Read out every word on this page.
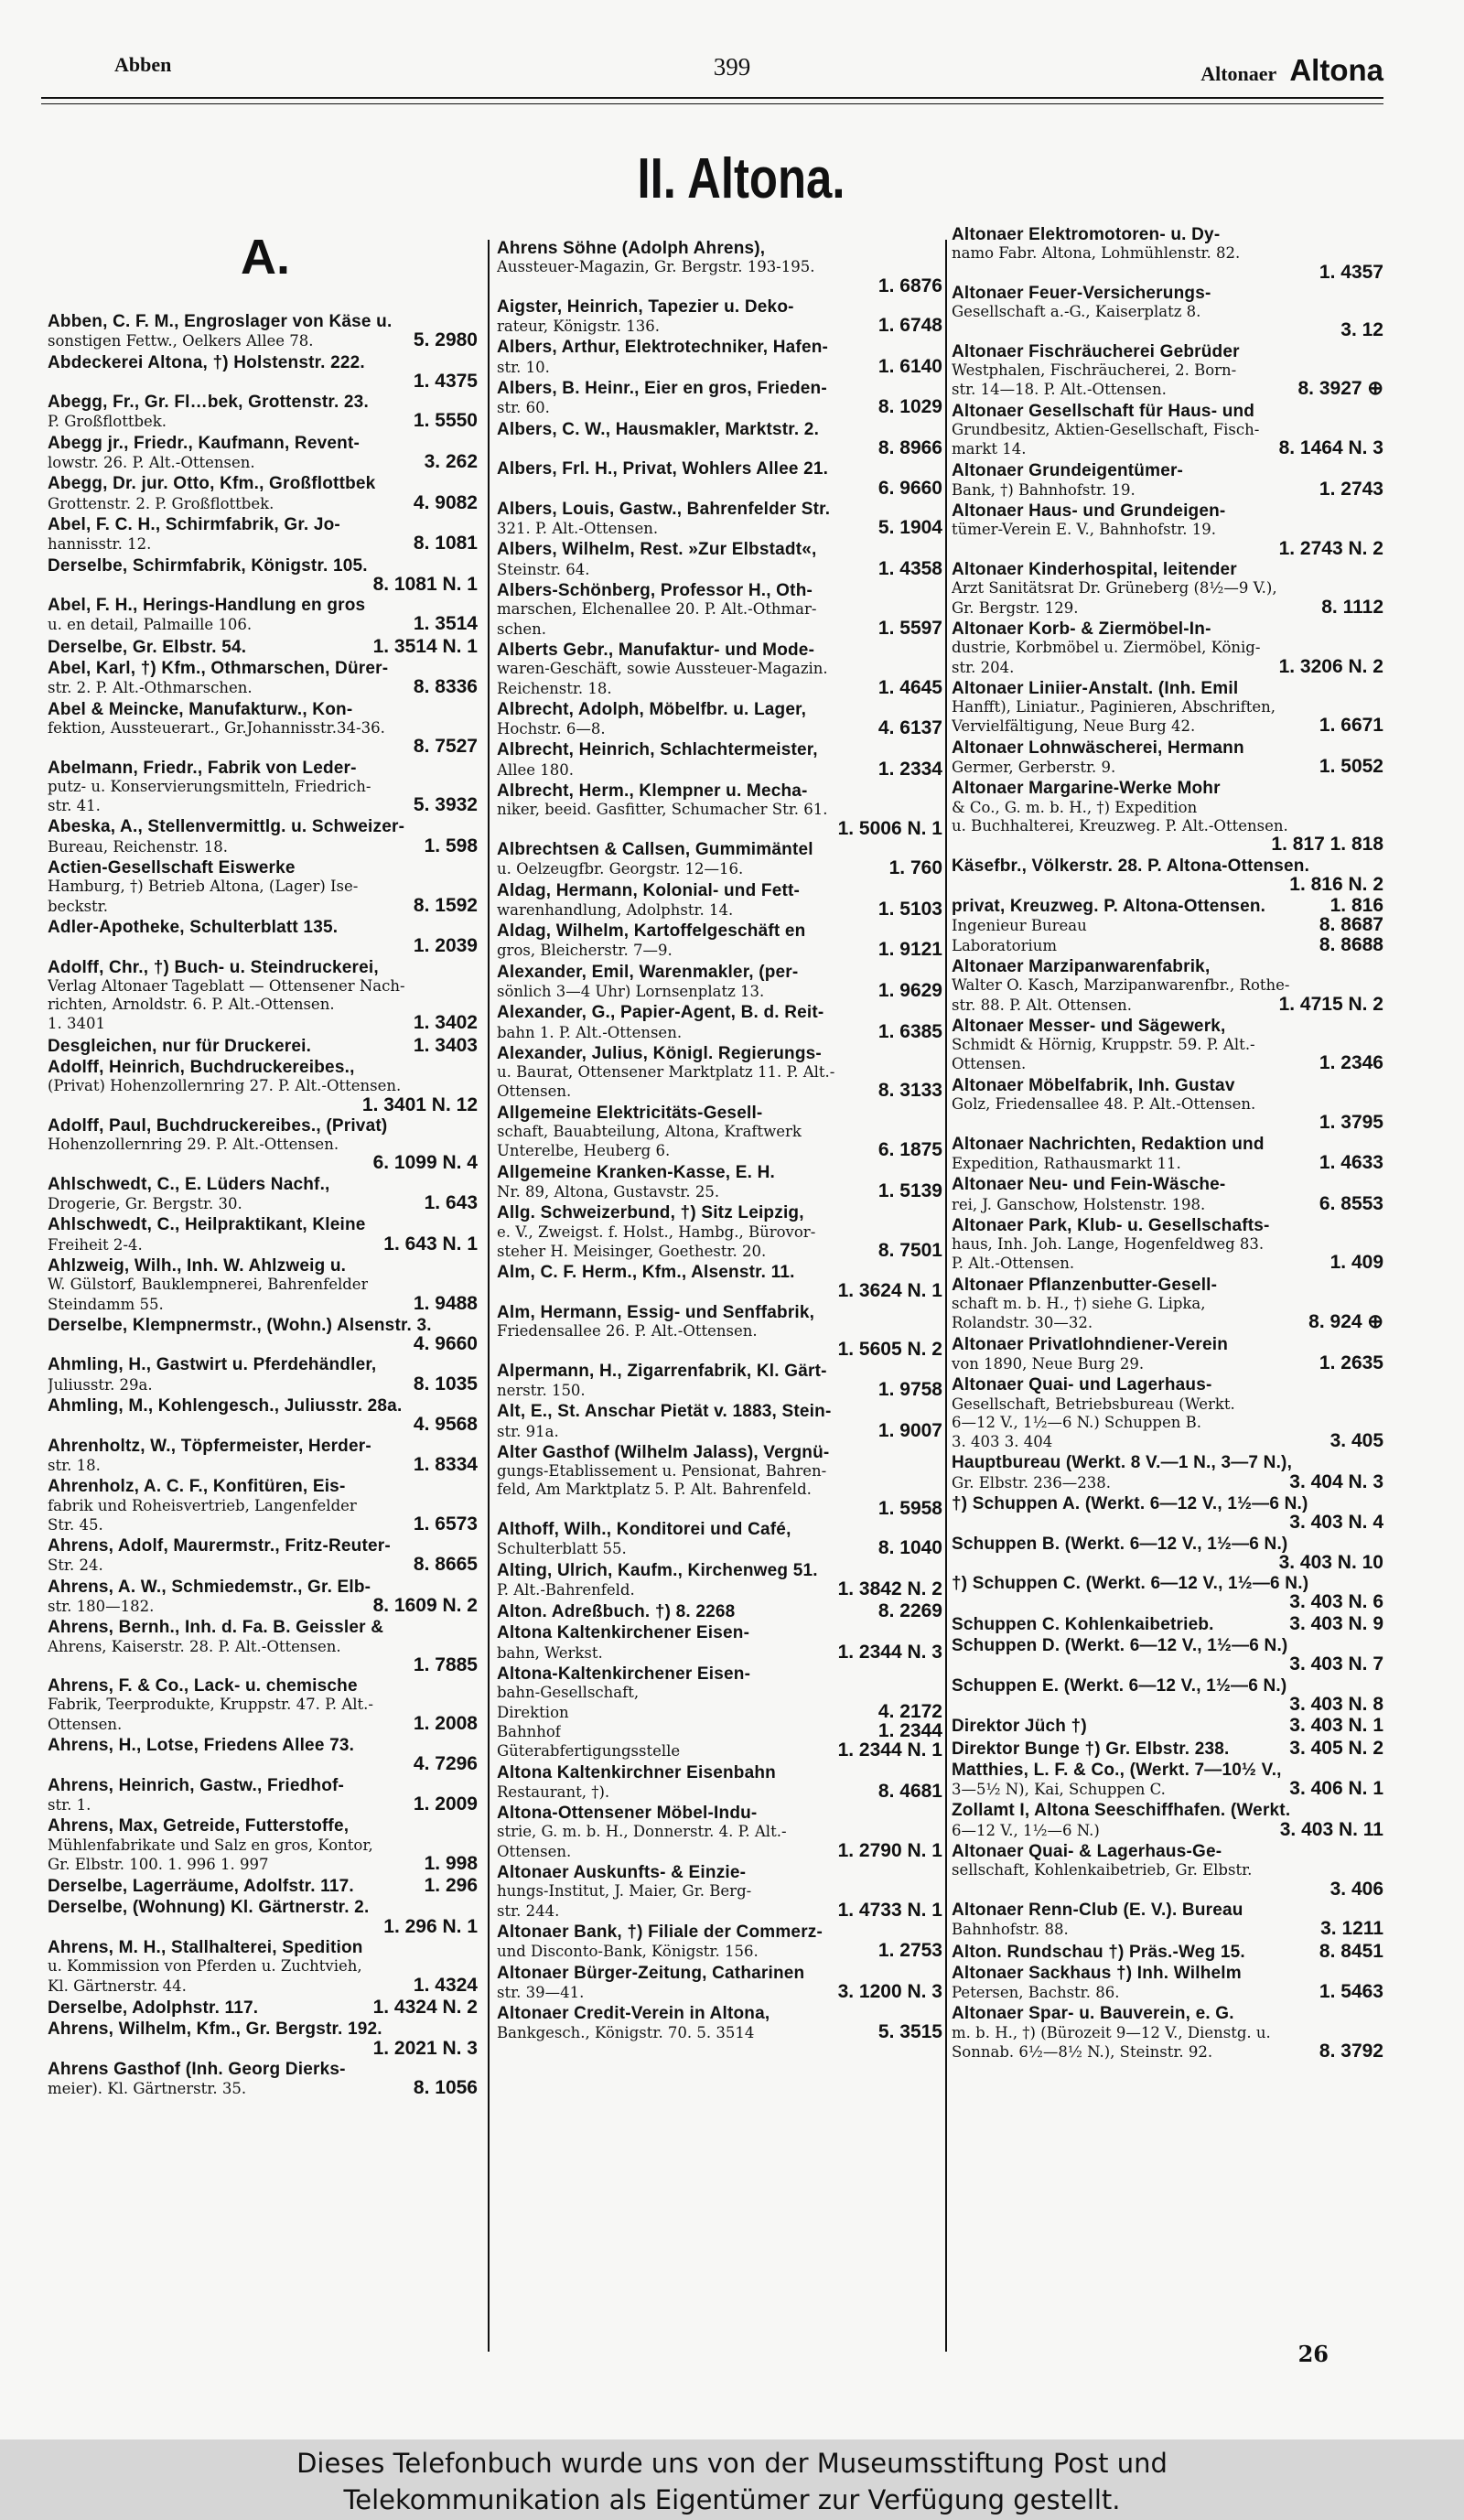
Abben	399	Altonaer Altona
II. Altona.
A.
Abben, C. F. M., Engroslager von Käse u.
sonstigen Fettw., Oelkers Allee 78.	5. 2980
Abdeckerei Altona, †) Holstenstr. 222.
1. 4375
Abegg, Fr., Gr. Fl…bek, Grottenstr. 23.
P. Großflottbek.	1. 5550
Abegg jr., Friedr., Kaufmann, Revent-
lowstr. 26. P. Alt.-Ottensen.	3. 262
Abegg, Dr. jur. Otto, Kfm., Großflottbek
Grottenstr. 2. P. Großflottbek.	4. 9082
Abel, F. C. H., Schirmfabrik, Gr. Jo-
hannisstr. 12.	8. 1081
Derselbe, Schirmfabrik, Königstr. 105.
8. 1081 N. 1
Abel, F. H., Herings-Handlung en gros
u. en detail, Palmaille 106.	1. 3514
Derselbe, Gr. Elbstr. 54.	1. 3514 N. 1
Abel, Karl, †) Kfm., Othmarschen, Dürer-
str. 2. P. Alt.-Othmarschen.	8. 8336
Abel & Meincke, Manufakturw., Kon-
fektion, Aussteuerart., Gr.Johannisstr.34-36.
8. 7527
Abelmann, Friedr., Fabrik von Leder-
putz- u. Konservierungsmitteln, Friedrich-
str. 41.	5. 3932
Abeska, A., Stellenvermittlg. u. Schweizer-
Bureau, Reichenstr. 18.	1. 598
Actien-Gesellschaft Eiswerke
Hamburg, †) Betrieb Altona, (Lager) Ise-
beckstr.	8. 1592
Adler-Apotheke, Schulterblatt 135.
1. 2039
Adolff, Chr., †) Buch- u. Steindruckerei,
Verlag Altonaer Tageblatt — Ottensener Nach-
richten, Arnoldstr. 6. P. Alt.-Ottensen.
1. 3401	1. 3402
Desgleichen, nur für Druckerei.	1. 3403
Adolff, Heinrich, Buchdruckereibes.,
(Privat) Hohenzollernring 27. P. Alt.-Ottensen.
1. 3401 N. 12
Adolff, Paul, Buchdruckereibes., (Privat)
Hohenzollernring 29. P. Alt.-Ottensen.
6. 1099 N. 4
Ahlschwedt, C., E. Lüders Nachf.,
Drogerie, Gr. Bergstr. 30.	1. 643
Ahlschwedt, C., Heilpraktikant, Kleine
Freiheit 2-4.	1. 643 N. 1
Ahlzweig, Wilh., Inh. W. Ahlzweig u.
W. Gülstorf, Bauklempnerei, Bahrenfelder
Steindamm 55.	1. 9488
Derselbe, Klempnermstr., (Wohn.) Alsenstr. 3.
4. 9660
Ahmling, H., Gastwirt u. Pferdehändler,
Juliusstr. 29a.	8. 1035
Ahmling, M., Kohlengesch., Juliusstr. 28a.
4. 9568
Ahrenholtz, W., Töpfermeister, Herder-
str. 18.	1. 8334
Ahrenholz, A. C. F., Konfitüren, Eis-
fabrik und Roheisvertrieb, Langenfelder
Str. 45.	1. 6573
Ahrens, Adolf, Maurermstr., Fritz-Reuter-
Str. 24.	8. 8665
Ahrens, A. W., Schmiedemstr., Gr. Elb-
str. 180—182.	8. 1609 N. 2
Ahrens, Bernh., Inh. d. Fa. B. Geissler &
Ahrens, Kaiserstr. 28. P. Alt.-Ottensen.
1. 7885
Ahrens, F. & Co., Lack- u. chemische
Fabrik, Teerprodukte, Kruppstr. 47. P. Alt.-
Ottensen.	1. 2008
Ahrens, H., Lotse, Friedens Allee 73.
4. 7296
Ahrens, Heinrich, Gastw., Friedhof-
str. 1.	1. 2009
Ahrens, Max, Getreide, Futterstoffe,
Mühlenfabrikate und Salz en gros, Kontor,
Gr. Elbstr. 100. 1. 996 1. 997	1. 998
Derselbe, Lagerräume, Adolfstr. 117.	1. 296
Derselbe, (Wohnung) Kl. Gärtnerstr. 2.
1. 296 N. 1
Ahrens, M. H., Stallhalterei, Spedition
u. Kommission von Pferden u. Zuchtvieh,
Kl. Gärtnerstr. 44.	1. 4324
Derselbe, Adolphstr. 117.	1. 4324 N. 2
Ahrens, Wilhelm, Kfm., Gr. Bergstr. 192.
1. 2021 N. 3
Ahrens Gasthof (Inh. Georg Dierks-
meier). Kl. Gärtnerstr. 35.	8. 1056
Ahrens Söhne (Adolph Ahrens),
Aussteuer-Magazin, Gr. Bergstr. 193-195.
1. 6876
Aigster, Heinrich, Tapezier u. Deko-
rateur, Königstr. 136.	1. 6748
Albers, Arthur, Elektrotechniker, Hafen-
str. 10.	1. 6140
Albers, B. Heinr., Eier en gros, Frieden-
str. 60.	8. 1029
Albers, C. W., Hausmakler, Marktstr. 2.
8. 8966
Albers, Frl. H., Privat, Wohlers Allee 21.
6. 9660
Albers, Louis, Gastw., Bahrenfelder Str.
321. P. Alt.-Ottensen.	5. 1904
Albers, Wilhelm, Rest. »Zur Elbstadt«,
Steinstr. 64.	1. 4358
Albers-Schönberg, Professor H., Oth-
marschen, Elchenallee 20. P. Alt.-Othmar-
schen.	1. 5597
Alberts Gebr., Manufaktur- und Mode-
waren-Geschäft, sowie Aussteuer-Magazin.
Reichenstr. 18.	1. 4645
Albrecht, Adolph, Möbelfbr. u. Lager,
Hochstr. 6—8.	4. 6137
Albrecht, Heinrich, Schlachtermeister,
Allee 180.	1. 2334
Albrecht, Herm., Klempner u. Mecha-
niker, beeid. Gasfitter, Schumacher Str. 61.
1. 5006 N. 1
Albrechtsen & Callsen, Gummimäntel
u. Oelzeugfbr. Georgstr. 12—16.	1. 760
Aldag, Hermann, Kolonial- und Fett-
warenhandlung, Adolphstr. 14.	1. 5103
Aldag, Wilhelm, Kartoffelgeschäft en
gros, Bleicherstr. 7—9.	1. 9121
Alexander, Emil, Warenmakler, (per-
sönlich 3—4 Uhr) Lornsenplatz 13.	1. 9629
Alexander, G., Papier-Agent, B. d. Reit-
bahn 1. P. Alt.-Ottensen.	1. 6385
Alexander, Julius, Königl. Regierungs-
u. Baurat, Ottensener Marktplatz 11. P. Alt.-
Ottensen.	8. 3133
Allgemeine Elektricitäts-Gesell-
schaft, Bauabteilung, Altona, Kraftwerk
Unterelbe, Heuberg 6.	6. 1875
Allgemeine Kranken-Kasse, E. H.
Nr. 89, Altona, Gustavstr. 25.	1. 5139
Allg. Schweizerbund, †) Sitz Leipzig,
e. V., Zweigst. f. Holst., Hambg., Bürovor-
steher H. Meisinger, Goethestr. 20.	8. 7501
Alm, C. F. Herm., Kfm., Alsenstr. 11.
1. 3624 N. 1
Alm, Hermann, Essig- und Senffabrik,
Friedensallee 26. P. Alt.-Ottensen.
1. 5605 N. 2
Alpermann, H., Zigarrenfabrik, Kl. Gärt-
nerstr. 150.	1. 9758
Alt, E., St. Anschar Pietät v. 1883, Stein-
str. 91a.	1. 9007
Alter Gasthof (Wilhelm Jalass), Vergnü-
gungs-Etablissement u. Pensionat, Bahren-
feld, Am Marktplatz 5. P. Alt. Bahrenfeld.
1. 5958
Althoff, Wilh., Konditorei und Café,
Schulterblatt 55.	8. 1040
Alting, Ulrich, Kaufm., Kirchenweg 51.
P. Alt.-Bahrenfeld.	1. 3842 N. 2
Alton. Adreßbuch. †) 8. 2268	8. 2269
Altona Kaltenkirchener Eisen-
bahn, Werkst.	1. 2344 N. 3
Altona-Kaltenkirchener Eisen-
bahn-Gesellschaft,
Direktion	4. 2172
Bahnhof	1. 2344
Güterabfertigungsstelle	1. 2344 N. 1
Altona Kaltenkirchner Eisenbahn
Restaurant, †).	8. 4681
Altona-Ottensener Möbel-Indu-
strie, G. m. b. H., Donnerstr. 4. P. Alt.-
Ottensen.	1. 2790 N. 1
Altonaer Auskunfts- & Einzie-
hungs-Institut, J. Maier, Gr. Berg-
str. 244.	1. 4733 N. 1
Altonaer Bank, †) Filiale der Commerz-
und Disconto-Bank, Königstr. 156.	1. 2753
Altonaer Bürger-Zeitung, Catharinen
str. 39—41.	3. 1200 N. 3
Altonaer Credit-Verein in Altona,
Bankgesch., Königstr. 70. 5. 3514	5. 3515
Altonaer Elektromotoren- u. Dy-
namo Fabr. Altona, Lohmühlenstr. 82.
1. 4357
Altonaer Feuer-Versicherungs-
Gesellschaft a.-G., Kaiserplatz 8.
3. 12
Altonaer Fischräucherei Gebrüder
Westphalen, Fischräucherei, 2. Born-
str. 14—18. P. Alt.-Ottensen.	8. 3927 ⊕
Altonaer Gesellschaft für Haus- und
Grundbesitz, Aktien-Gesellschaft, Fisch-
markt 14.	8. 1464 N. 3
Altonaer Grundeigentümer-
Bank, †) Bahnhofstr. 19.	1. 2743
Altonaer Haus- und Grundeigen-
tümer-Verein E. V., Bahnhofstr. 19.
1. 2743 N. 2
Altonaer Kinderhospital, leitender
Arzt Sanitätsrat Dr. Grüneberg (8½—9 V.),
Gr. Bergstr. 129.	8. 1112
Altonaer Korb- & Ziermöbel-In-
dustrie, Korbmöbel u. Ziermöbel, König-
str. 204.	1. 3206 N. 2
Altonaer Liniier-Anstalt. (Inh. Emil
Hanfft), Liniatur., Paginieren, Abschriften,
Vervielfältigung, Neue Burg 42.	1. 6671
Altonaer Lohnwäscherei, Hermann
Germer, Gerberstr. 9.	1. 5052
Altonaer Margarine-Werke Mohr
& Co., G. m. b. H., †) Expedition
u. Buchhalterei, Kreuzweg. P. Alt.-Ottensen.
1. 817 1. 818
Käsefbr., Völkerstr. 28. P. Altona-Ottensen.
1. 816 N. 2
privat, Kreuzweg. P. Altona-Ottensen.	1. 816
Ingenieur Bureau	8. 8687
Laboratorium	8. 8688
Altonaer Marzipanwarenfabrik,
Walter O. Kasch, Marzipanwarenfbr., Rothe-
str. 88. P. Alt. Ottensen.	1. 4715 N. 2
Altonaer Messer- und Sägewerk,
Schmidt & Hörnig, Kruppstr. 59. P. Alt.-
Ottensen.	1. 2346
Altonaer Möbelfabrik, Inh. Gustav
Golz, Friedensallee 48. P. Alt.-Ottensen.
1. 3795
Altonaer Nachrichten, Redaktion und
Expedition, Rathausmarkt 11.	1. 4633
Altonaer Neu- und Fein-Wäsche-
rei, J. Ganschow, Holstenstr. 198.	6. 8553
Altonaer Park, Klub- u. Gesellschafts-
haus, Inh. Joh. Lange, Hogenfeldweg 83.
P. Alt.-Ottensen.	1. 409
Altonaer Pflanzenbutter-Gesell-
schaft m. b. H., †) siehe G. Lipka,
Rolandstr. 30—32.	8. 924 ⊕
Altonaer Privatlohndiener-Verein
von 1890, Neue Burg 29.	1. 2635
Altonaer Quai- und Lagerhaus-
Gesellschaft, Betriebsbureau (Werkt.
6—12 V., 1½—6 N.) Schuppen B.
3. 403 3. 404	3. 405
Hauptbureau (Werkt. 8 V.—1 N., 3—7 N.),
Gr. Elbstr. 236—238.	3. 404 N. 3
†) Schuppen A. (Werkt. 6—12 V., 1½—6 N.)
3. 403 N. 4
Schuppen B. (Werkt. 6—12 V., 1½—6 N.)
3. 403 N. 10
†) Schuppen C. (Werkt. 6—12 V., 1½—6 N.)
3. 403 N. 6
Schuppen C. Kohlenkaibetrieb.	3. 403 N. 9
Schuppen D. (Werkt. 6—12 V., 1½—6 N.)
3. 403 N. 7
Schuppen E. (Werkt. 6—12 V., 1½—6 N.)
3. 403 N. 8
Direktor Jüch †)	3. 403 N. 1
Direktor Bunge †) Gr. Elbstr. 238.	3. 405 N. 2
Matthies, L. F. & Co., (Werkt. 7—10½ V.,
3—5½ N), Kai, Schuppen C.	3. 406 N. 1
Zollamt I, Altona Seeschiffhafen. (Werkt.
6—12 V., 1½—6 N.)	3. 403 N. 11
Altonaer Quai- & Lagerhaus-Ge-
sellschaft, Kohlenkaibetrieb, Gr. Elbstr.
3. 406
Altonaer Renn-Club (E. V.). Bureau
Bahnhofstr. 88.	3. 1211
Alton. Rundschau †) Präs.-Weg 15.	8. 8451
Altonaer Sackhaus †) Inh. Wilhelm
Petersen, Bachstr. 86.	1. 5463
Altonaer Spar- u. Bauverein, e. G.
m. b. H., †) (Bürozeit 9—12 V., Dienstg. u.
Sonnab. 6½—8½ N.), Steinstr. 92.	8. 3792
26
Dieses Telefonbuch wurde uns von der Museumsstiftung Post und
Telekommunikation als Eigentümer zur Verfügung gestellt.
